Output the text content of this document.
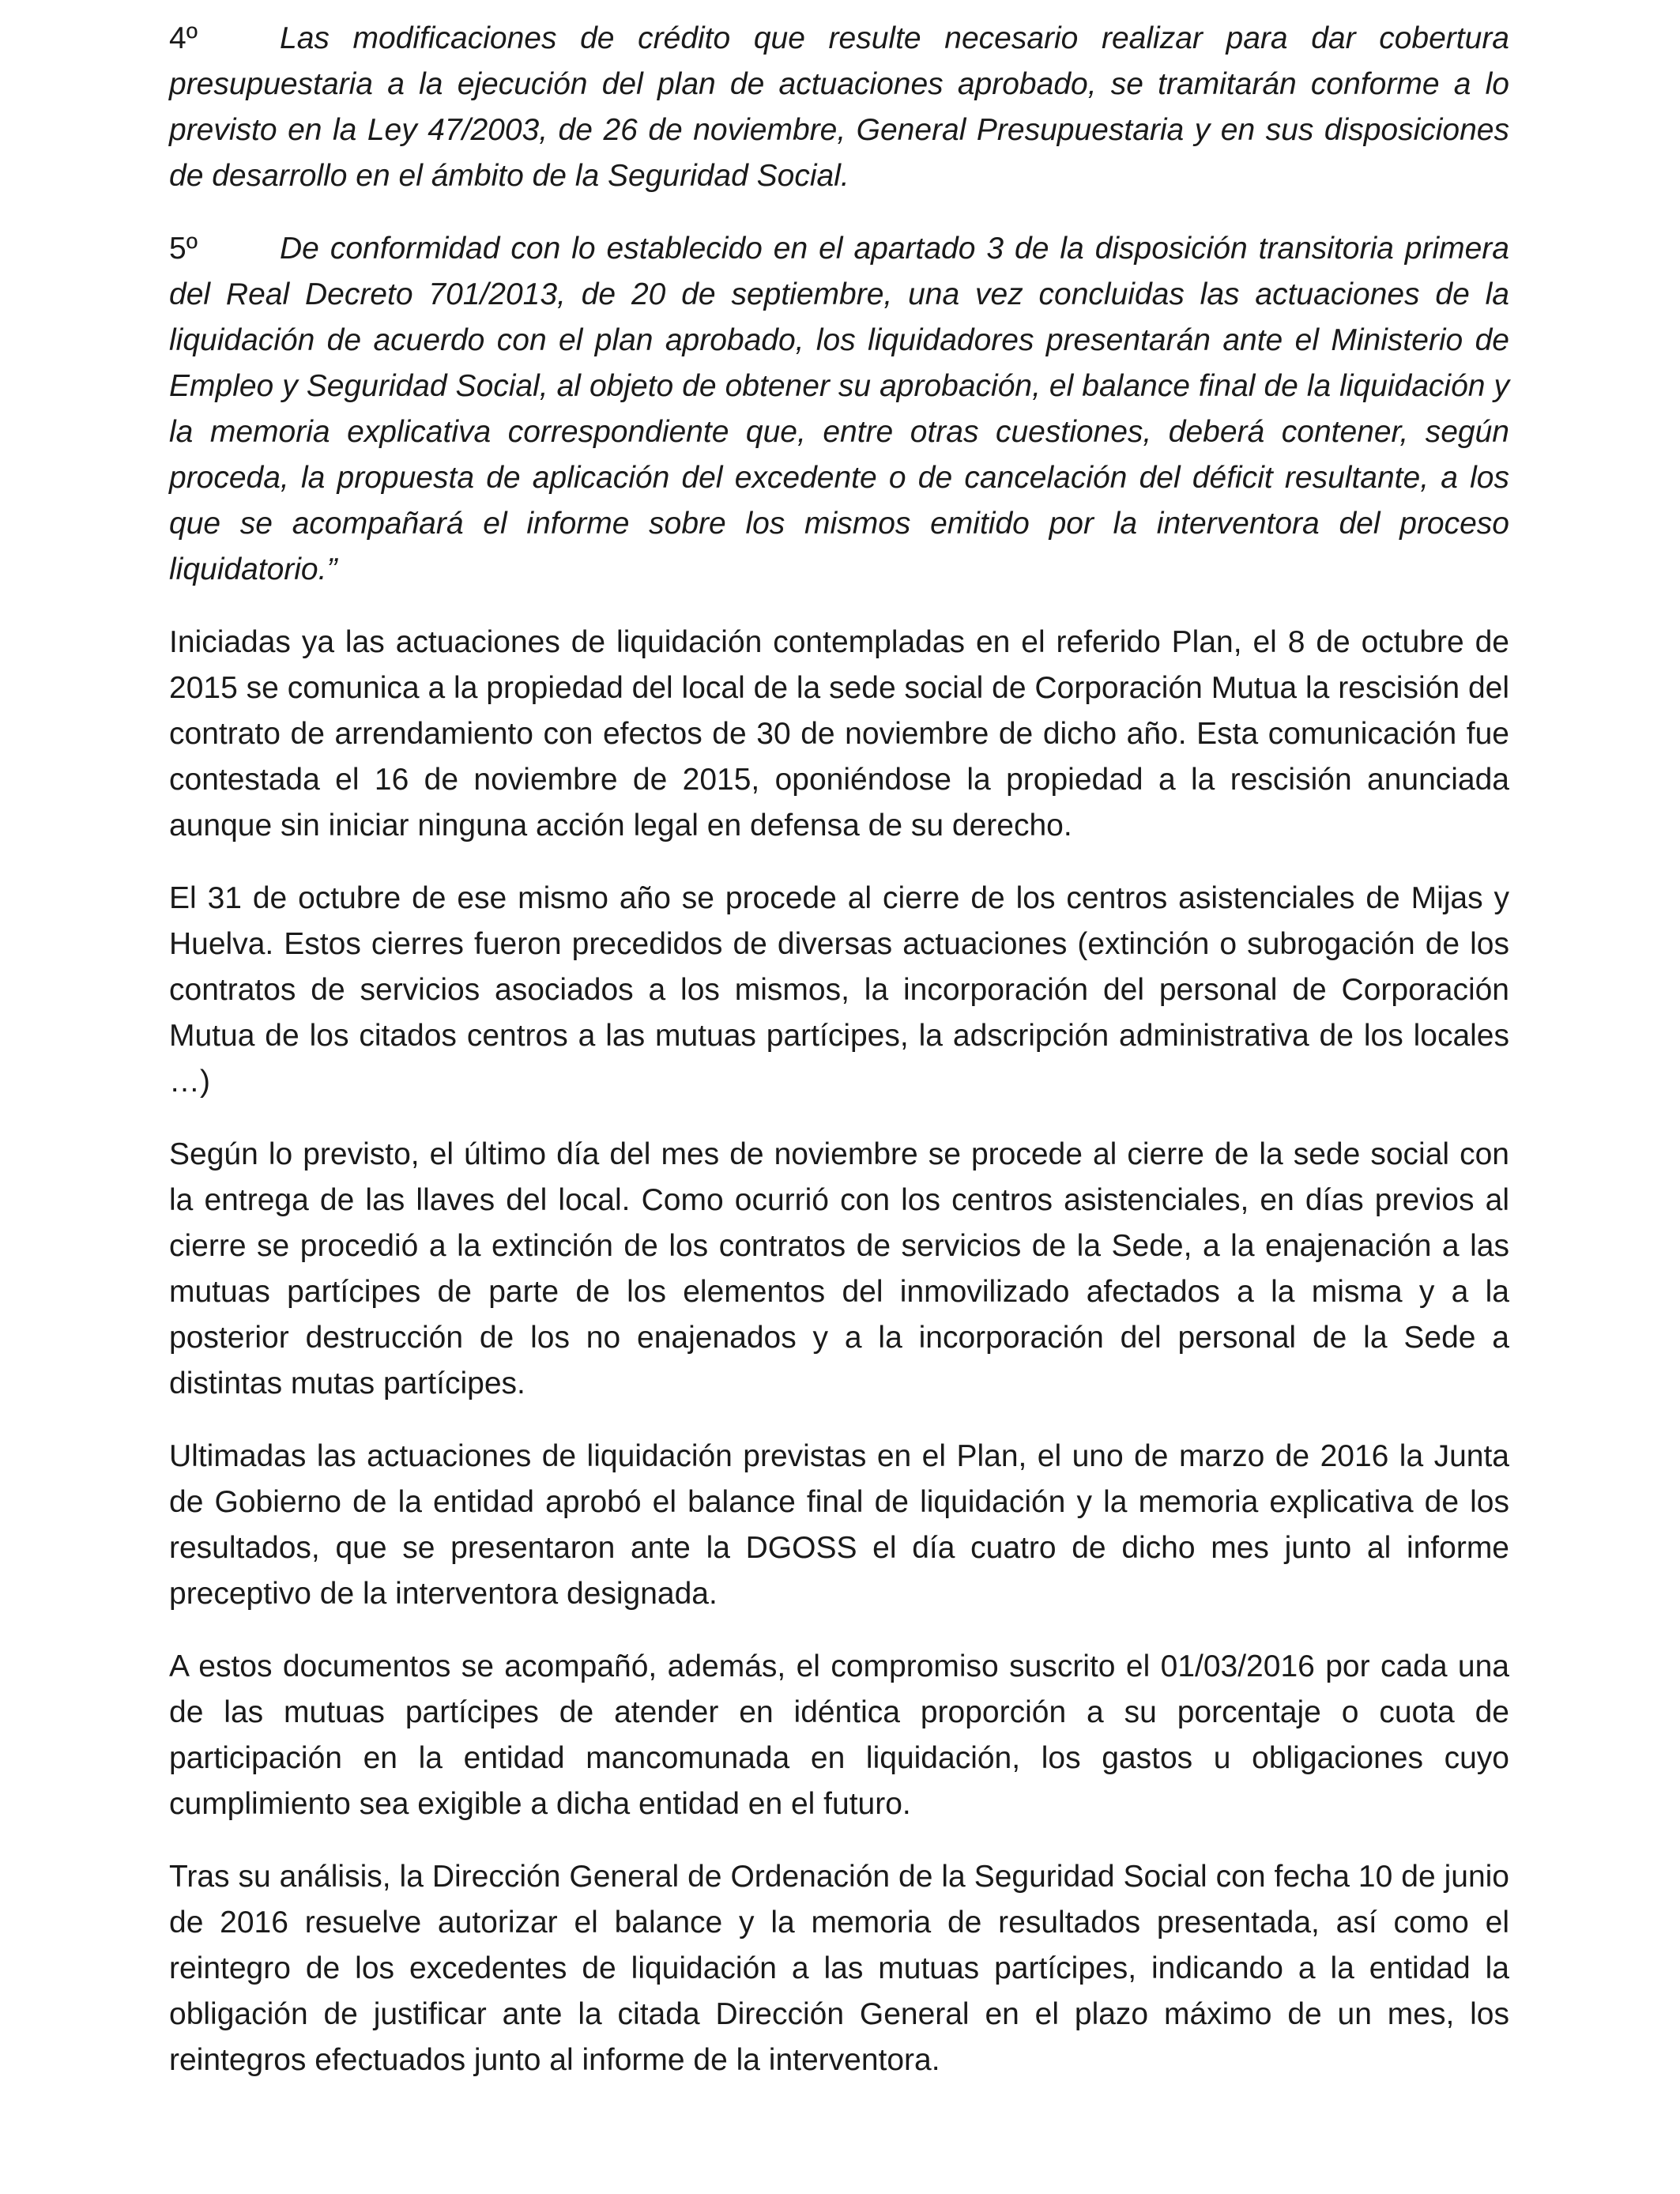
4º	Las modificaciones de crédito que resulte necesario realizar para dar cobertura presupuestaria a la ejecución del plan de actuaciones aprobado, se tramitarán conforme a lo previsto en la Ley 47/2003, de 26 de noviembre, General Presupuestaria y en sus disposiciones de desarrollo en el ámbito de la Seguridad Social.

5º	De conformidad con lo establecido en el apartado 3 de la disposición transitoria primera del Real Decreto 701/2013, de 20 de septiembre, una vez concluidas las actuaciones de la liquidación de acuerdo con el plan aprobado, los liquidadores presentarán ante el Ministerio de Empleo y Seguridad Social, al objeto de obtener su aprobación, el balance final de la liquidación y la memoria explicativa correspondiente que, entre otras cuestiones, deberá contener, según proceda, la propuesta de aplicación del excedente o de cancelación del déficit resultante, a los que se acompañará el informe sobre los mismos emitido por la interventora del proceso liquidatorio.”

Iniciadas ya las actuaciones de liquidación contempladas en el referido Plan, el 8 de octubre de 2015 se comunica a la propiedad del local de la sede social de Corporación Mutua la rescisión del contrato de arrendamiento con efectos de 30 de noviembre de dicho año. Esta comunicación fue contestada el 16 de noviembre de 2015, oponiéndose la propiedad a la rescisión anunciada aunque sin iniciar ninguna acción legal en defensa de su derecho.

El 31 de octubre de ese mismo año se procede al cierre de los centros asistenciales de Mijas y Huelva. Estos cierres fueron precedidos de diversas actuaciones (extinción o subrogación de los contratos de servicios asociados a los mismos, la incorporación del personal de Corporación Mutua de los citados centros a las mutuas partícipes, la adscripción administrativa de los locales …)

Según lo previsto, el último día del mes de noviembre se procede al cierre de la sede social con la entrega de las llaves del local. Como ocurrió con los centros asistenciales, en días previos al cierre se procedió a la extinción de los contratos de servicios de la Sede, a la enajenación a las mutuas partícipes de parte de los elementos del inmovilizado afectados a la misma y a la posterior destrucción de los no enajenados y a la incorporación del personal de la Sede a distintas mutas partícipes.

Ultimadas las actuaciones de liquidación previstas en el Plan, el uno de marzo de 2016 la Junta de Gobierno de la entidad aprobó el balance final de liquidación y la memoria explicativa de los resultados, que se presentaron ante la DGOSS el día cuatro de dicho mes junto al informe preceptivo de la interventora designada.

A estos documentos se acompañó, además, el compromiso suscrito el 01/03/2016 por cada una de las mutuas partícipes de atender en idéntica proporción a su porcentaje o cuota de participación en la entidad mancomunada en liquidación, los gastos u obligaciones cuyo cumplimiento sea exigible a dicha entidad en el futuro.

Tras su análisis, la Dirección General de Ordenación de la Seguridad Social con fecha 10 de junio de 2016 resuelve autorizar el balance y la memoria de resultados presentada, así como el reintegro de los excedentes de liquidación a las mutuas partícipes, indicando a la entidad la obligación de justificar ante la citada Dirección General en el plazo máximo de un mes, los reintegros efectuados junto al informe de la interventora.
